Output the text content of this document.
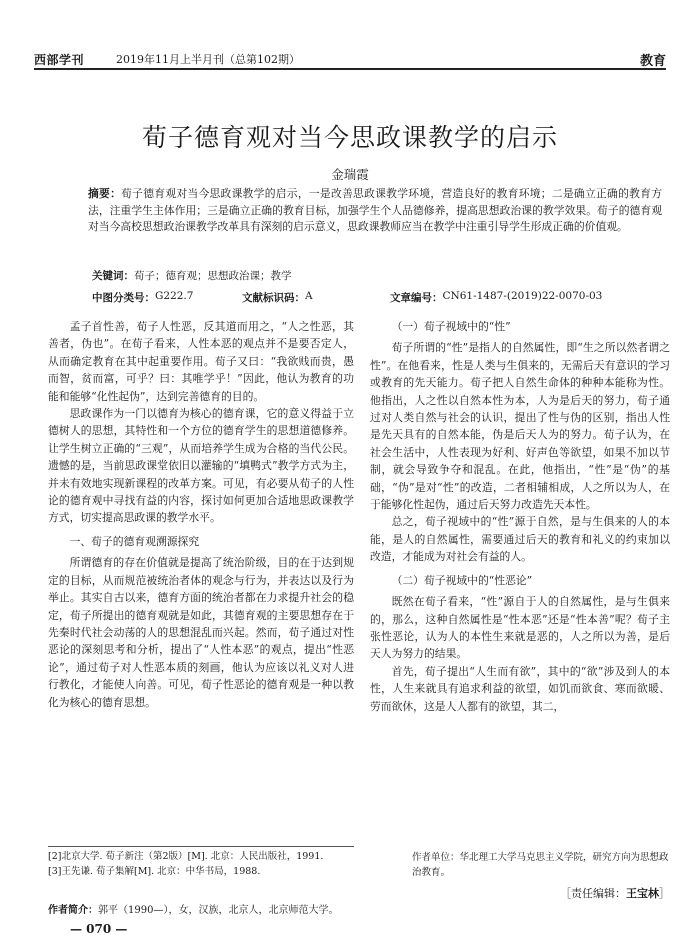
西部学刊	2019年11月上半月刊（总第102期）	教育
荀子德育观对当今思政课教学的启示
金瑞霞
摘要：荀子德育观对当今思政课教学的启示，一是改善思政课教学环境，营造良好的教育环境；二是确立正确的教育方法，注重学生主体作用；三是确立正确的教育目标，加强学生个人品德修养，提高思想政治课的教学效果。荀子的德育观对当今高校思想政治课教学改革具有深刻的启示意义，思政课教师应当在教学中注重引导学生形成正确的价值观。
关键词：荀子；德育观；思想政治课；教学
中图分类号： G222.7	文献标识码： A	文章编号： CN61-1487-(2019)22-0070-03

孟子首性善，荀子人性恶，反其道而用之，“人之性恶，其善者，伪也”。在荀子看来，人性本恶的观点并不是要否定人，从而确定教育在其中起重要作用。荀子又曰：“我欲贱而贵，愚而智，贫而富，可乎？曰：其唯学乎！”因此，他认为教育的功能和能够“化性起伪”，达到完善德育的目的。

思政课作为一门以德育为核心的德育课，它的意义得益于立德树人的思想，其特性和一个方位的德育学生的思想道德修养。让学生树立正确的“三观”，从而培养学生成为合格的当代公民。遗憾的是，当前思政课堂依旧以灌输的“填鸭式”教学方式为主，并未有效地实现新课程的改革方案。可见，有必要从荀子的人性论的德育观中寻找有益的内容，探讨如何更加合适地思政课教学方式，切实提高思政课的教学水平。

一、荀子的德育观溯源探究

所谓德育的存在价值就是提高了统治阶级，目的在于达到规定的目标，从而规范被统治者体的观念与行为，并表达以及行为举止。其实自古以来，德育方面的统治者都在力求提升社会的稳定，荀子所提出的德育观就是如此，其德育观的主要思想存在于先秦时代社会动荡的人的思想混乱而兴起。然而，荀子通过对性恶论的深刻思考和分析，提出了“人性本恶”的观点，提出“性恶论”，通过荀子对人性恶本质的刻画，他认为应该以礼义对人进行教化，才能使人向善。可见，荀子性恶论的德育观是一种以教化为核心的德育思想。

（一）荀子视域中的“性”

荀子所谓的“性”是指人的自然属性，即“生之所以然者谓之性”。在他看来，性是人类与生俱来的，无需后天有意识的学习或教育的先天能力。荀子把人自然生命体的种种本能称为性。他指出，人之性以自然本性为本，人为是后天的努力，荀子通过对人类自然与社会的认识，提出了性与伪的区别，指出人性是先天具有的自然本能，伪是后天人为的努力。荀子认为，在社会生活中，人性表现为好利、好声色等欲望，如果不加以节制，就会导致争夺和混乱。在此，他指出，“性”是“伪”的基础，“伪”是对“性”的改造，二者相辅相成，人之所以为人，在于能够化性起伪，通过后天努力改造先天本性。

总之，荀子视域中的“性”源于自然，是与生俱来的人的本能，是人的自然属性，需要通过后天的教育和礼义的约束加以改造，才能成为对社会有益的人。

（二）荀子视域中的“性恶论”

既然在荀子看来，“性”源自于人的自然属性，是与生俱来的，那么，这种自然属性是“性本恶”还是“性本善”呢？荀子主张性恶论，认为人的本性生来就是恶的，人之所以为善，是后天人为努力的结果。

首先，荀子提出“人生而有欲”，其中的“欲”涉及到人的本性，人生来就具有追求利益的欲望，如饥而欲食、寒而欲暖、劳而欲休，这是人人都有的欲望，其二，

[2]北京大学. 荀子新注（第2版）[M]. 北京：人民出版社，1991.
[3]王先谦. 荀子集解[M]. 北京：中华书局，1988.
作者单位：华北理工大学马克思主义学院，研究方向为思想政治教育。
［责任编辑：王宝林］
作者简介：郭平（1990—），女，汉族，北京人，北京师范大学。
— 070 —
